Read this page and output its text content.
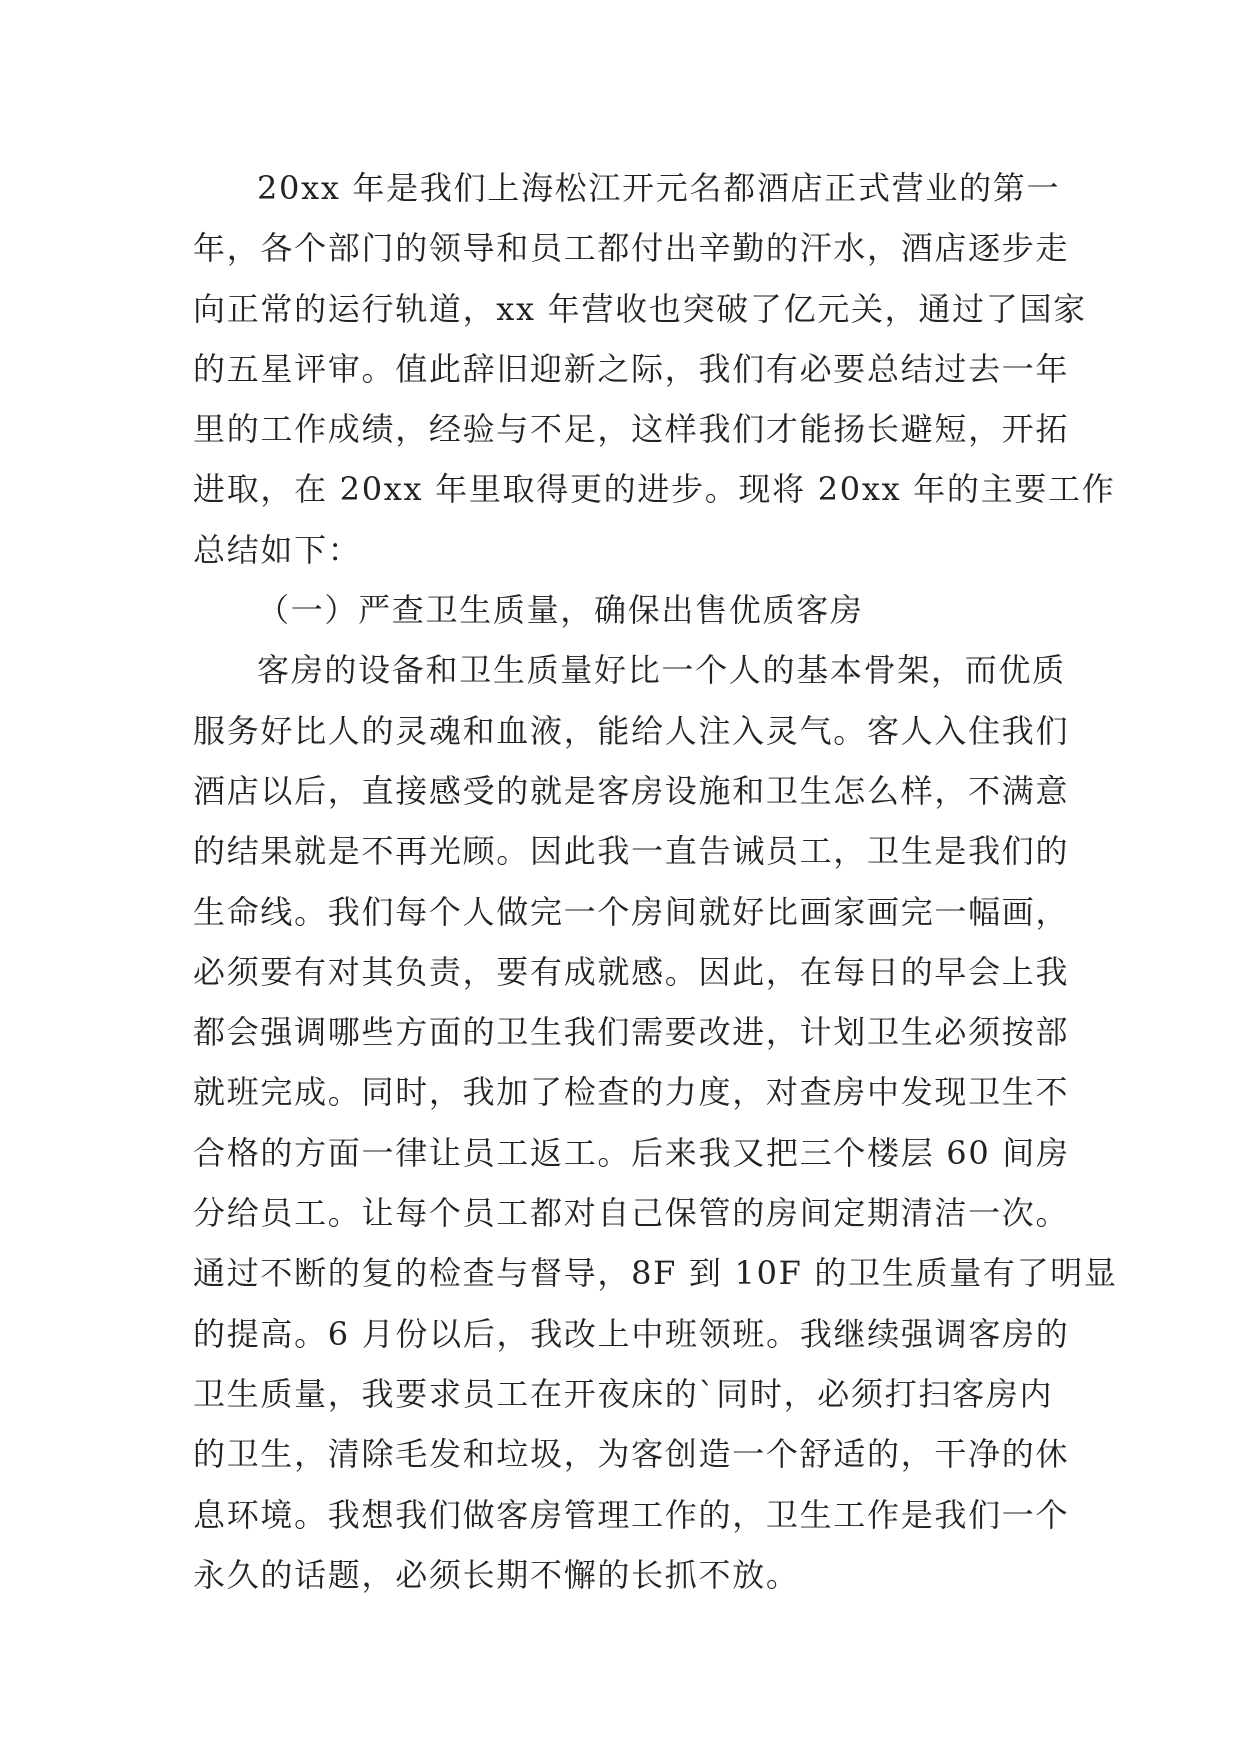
20xx 年是我们上海松江开元名都酒店正式营业的第一

年，各个部门的领导和员工都付出辛勤的汗水，酒店逐步走

向正常的运行轨道，xx 年营收也突破了亿元关，通过了国家

的五星评审。值此辞旧迎新之际，我们有必要总结过去一年

里的工作成绩，经验与不足，这样我们才能扬长避短，开拓

进取，在 20xx 年里取得更的进步。现将 20xx 年的主要工作

总结如下：

（一）严查卫生质量，确保出售优质客房

客房的设备和卫生质量好比一个人的基本骨架，而优质

服务好比人的灵魂和血液，能给人注入灵气。客人入住我们

酒店以后，直接感受的就是客房设施和卫生怎么样，不满意

的结果就是不再光顾。因此我一直告诫员工，卫生是我们的

生命线。我们每个人做完一个房间就好比画家画完一幅画，

必须要有对其负责，要有成就感。因此，在每日的早会上我

都会强调哪些方面的卫生我们需要改进，计划卫生必须按部

就班完成。同时，我加了检查的力度，对查房中发现卫生不

合格的方面一律让员工返工。后来我又把三个楼层 60 间房

分给员工。让每个员工都对自己保管的房间定期清洁一次。

通过不断的复的检查与督导，8F 到 10F 的卫生质量有了明显

的提高。6 月份以后，我改上中班领班。我继续强调客房的

卫生质量，我要求员工在开夜床的`同时，必须打扫客房内

的卫生，清除毛发和垃圾，为客创造一个舒适的，干净的休

息环境。我想我们做客房管理工作的，卫生工作是我们一个

永久的话题，必须长期不懈的长抓不放。
